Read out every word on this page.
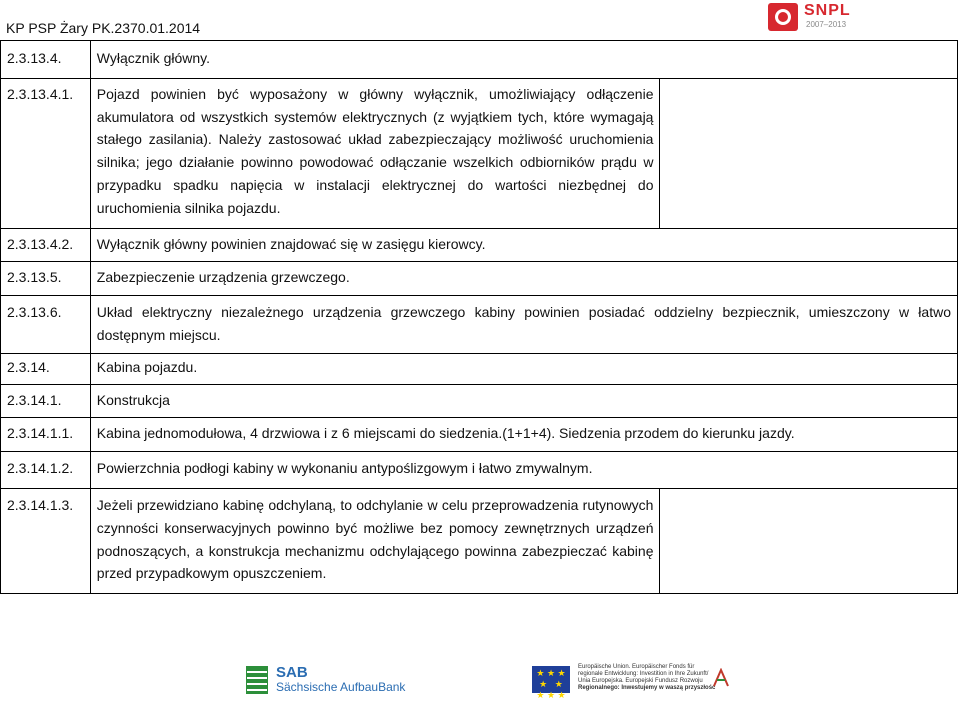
KP PSP Żary PK.2370.01.2014
SNPL
2007–2013
2.3.13.4.	Wyłącznik główny.	
2.3.13.4.1.	Pojazd powinien być wyposażony w główny wyłącznik, umożliwiający odłączenie akumulatora od wszystkich systemów elektrycznych (z wyjątkiem tych, które wymagają stałego zasilania). Należy zastosować układ zabezpieczający możliwość uruchomienia silnika; jego działanie powinno powodować odłączanie wszelkich odbiorników prądu w przypadku spadku napięcia w instalacji elektrycznej do wartości niezbędnej do uruchomienia silnika pojazdu.	
2.3.13.4.2.	Wyłącznik główny powinien znajdować się w zasięgu kierowcy.	
2.3.13.5.	Zabezpieczenie urządzenia grzewczego.	
2.3.13.6.	Układ elektryczny niezależnego urządzenia grzewczego kabiny powinien posiadać oddzielny bezpiecznik, umieszczony w łatwo dostępnym miejscu.	
2.3.14.	Kabina pojazdu.	
2.3.14.1.	Konstrukcja	
2.3.14.1.1.	Kabina jednomodułowa, 4 drzwiowa i z 6 miejscami do siedzenia.(1+1+4). Siedzenia przodem do kierunku jazdy.	
2.3.14.1.2.	Powierzchnia podłogi kabiny w wykonaniu antypoślizgowym i łatwo zmywalnym.	
2.3.14.1.3.	Jeżeli przewidziano kabinę odchylaną, to odchylanie w celu przeprowadzenia rutynowych czynności konserwacyjnych powinno być możliwe bez pomocy zewnętrznych urządzeń podnoszących, a konstrukcja mechanizmu odchylającego powinna zabezpieczać kabinę przed przypadkowym opuszczeniem.	
SAB
Sächsische AufbauBank
★ ★ ★
★   ★
★ ★ ★
Europäische Union. Europäischer Fonds für
regionale Entwicklung: Investition in Ihre Zukunft/
Unia Europejska. Europejski Fundusz Rozwoju
Regionalnego: Inwestujemy w waszą przyszłość
